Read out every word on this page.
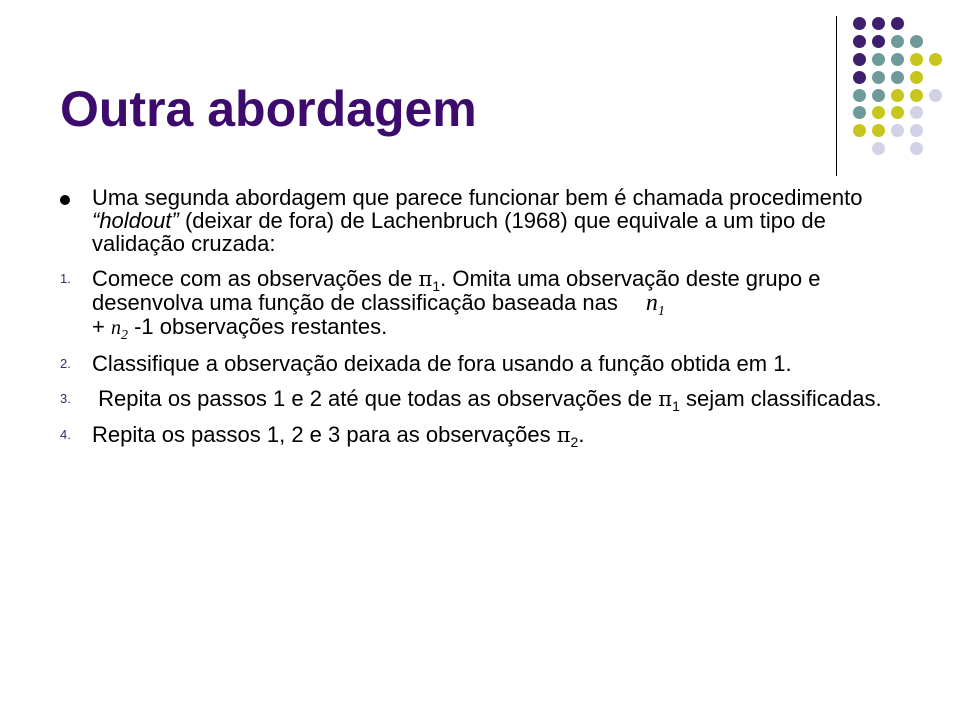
Outra abordagem
Uma segunda abordagem que parece funcionar bem é chamada procedimento “holdout” (deixar de fora) de Lachenbruch (1968) que equivale a um tipo de validação cruzada:
1. Comece com as observações de $\pi_1$. Omita uma observação deste grupo e desenvolva uma função de classificação baseada nas $n_1$
+ $n_2$ -1 observações restantes.
2. Classifique a observação deixada de fora usando a função obtida em 1.
3. Repita os passos 1 e 2 até que todas as observações de $\pi_1$ sejam classificadas.
4. Repita os passos 1, 2 e 3 para as observações $\pi_2$.
